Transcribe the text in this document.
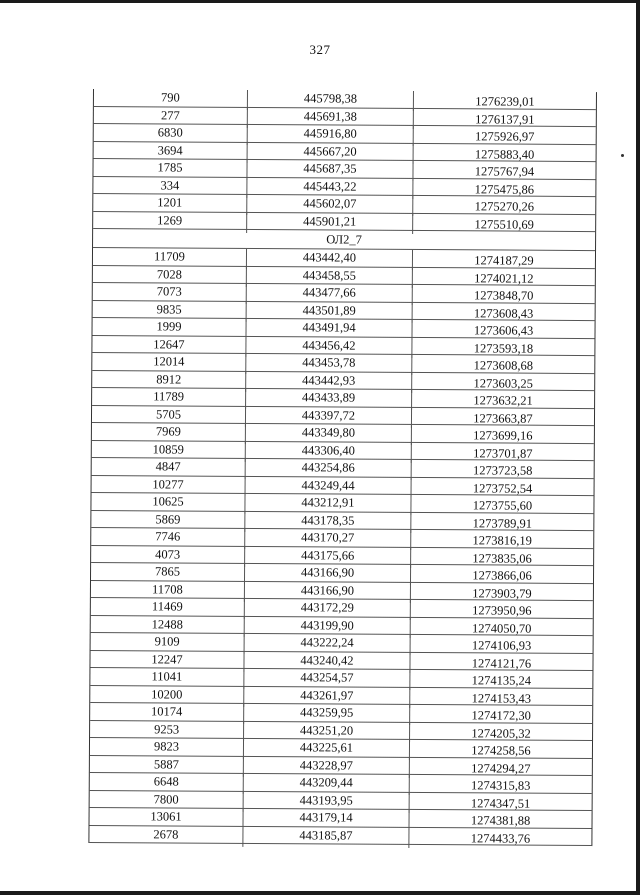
327
790	445798,38	1276239,01
277	445691,38	1276137,91
6830	445916,80	1275926,97
3694	445667,20	1275883,40
1785	445687,35	1275767,94
334	445443,22	1275475,86
1201	445602,07	1275270,26
1269	445901,21	1275510,69
ОЛ2_7
11709	443442,40	1274187,29
7028	443458,55	1274021,12
7073	443477,66	1273848,70
9835	443501,89	1273608,43
1999	443491,94	1273606,43
12647	443456,42	1273593,18
12014	443453,78	1273608,68
8912	443442,93	1273603,25
11789	443433,89	1273632,21
5705	443397,72	1273663,87
7969	443349,80	1273699,16
10859	443306,40	1273701,87
4847	443254,86	1273723,58
10277	443249,44	1273752,54
10625	443212,91	1273755,60
5869	443178,35	1273789,91
7746	443170,27	1273816,19
4073	443175,66	1273835,06
7865	443166,90	1273866,06
11708	443166,90	1273903,79
11469	443172,29	1273950,96
12488	443199,90	1274050,70
9109	443222,24	1274106,93
12247	443240,42	1274121,76
11041	443254,57	1274135,24
10200	443261,97	1274153,43
10174	443259,95	1274172,30
9253	443251,20	1274205,32
9823	443225,61	1274258,56
5887	443228,97	1274294,27
6648	443209,44	1274315,83
7800	443193,95	1274347,51
13061	443179,14	1274381,88
2678	443185,87	1274433,76
